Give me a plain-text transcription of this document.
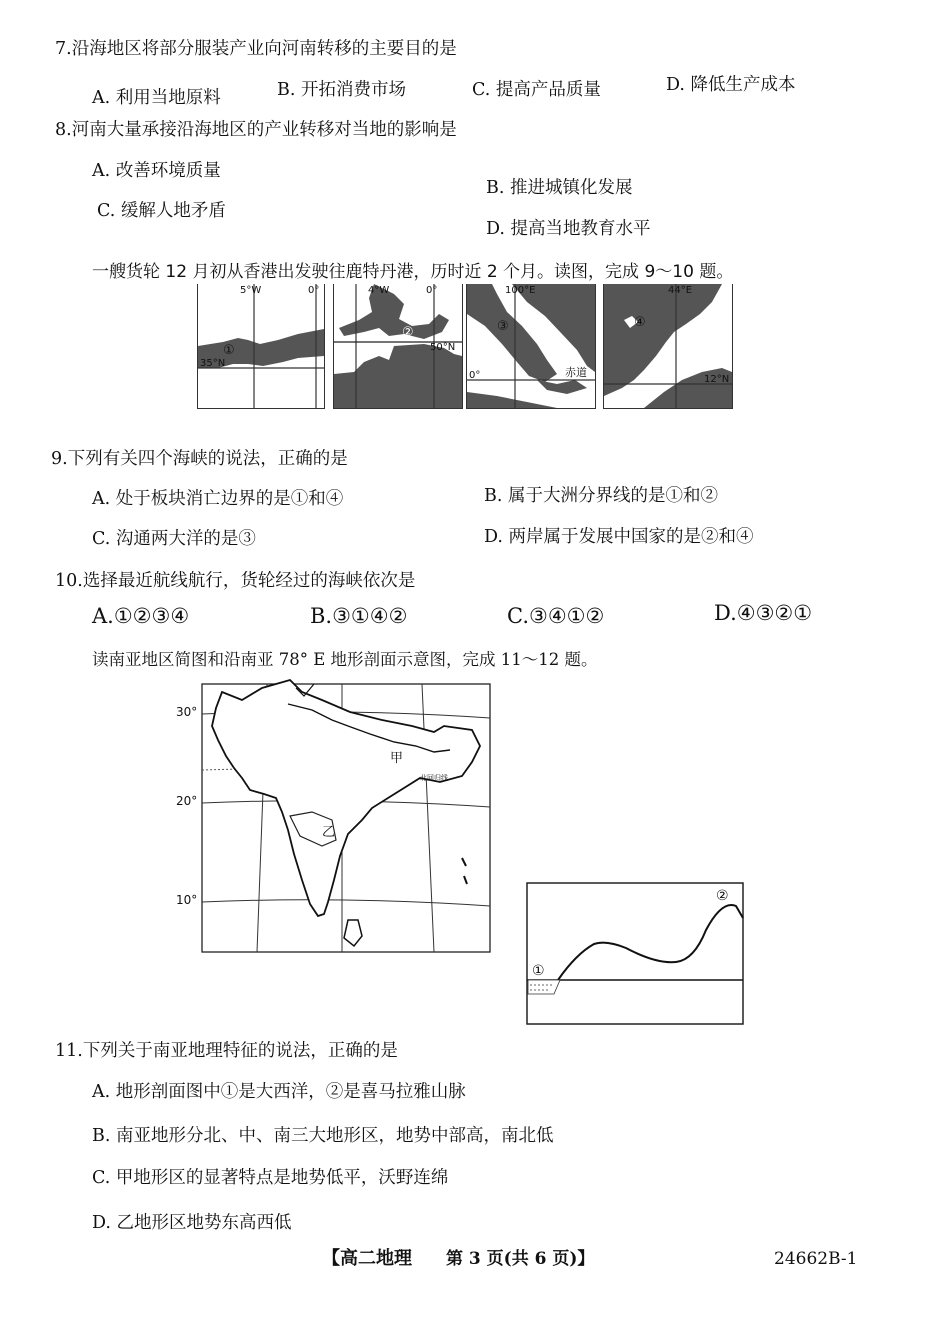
7.沿海地区将部分服装产业向河南转移的主要目的是
A. 利用当地原料	B. 开拓消费市场	C. 提高产品质量	D. 降低生产成本
8.河南大量承接沿海地区的产业转移对当地的影响是
A. 改善环境质量
B. 推进城镇化发展
C. 缓解人地矛盾
D. 提高当地教育水平
一艘货轮 12 月初从香港出发驶往鹿特丹港，历时近 2 个月。读图，完成 9～10 题。
5°W	0°
35°N
①
4°W	0°
50°N
②
100°E
0°
③
赤道
44°E
12°N
④
9.下列有关四个海峡的说法，正确的是
A. 处于板块消亡边界的是①和④	B. 属于大洲分界线的是①和②
C. 沟通两大洋的是③	D. 两岸属于发展中国家的是②和④
10.选择最近航线航行，货轮经过的海峡依次是
A.①②③④	B.③①④②	C.③④①②	D.④③②①
读南亚地区简图和沿南亚 78° E 地形剖面示意图，完成 11～12 题。
30°
20°
10°
甲
乙
北回归线
①
②
11.下列关于南亚地理特征的说法，正确的是
A. 地形剖面图中①是大西洋，②是喜马拉雅山脉
B. 南亚地形分北、中、南三大地形区，地势中部高，南北低
C. 甲地形区的显著特点是地势低平，沃野连绵
D. 乙地形区地势东高西低
【高二地理 第 3 页(共 6 页)】	24662B-1
